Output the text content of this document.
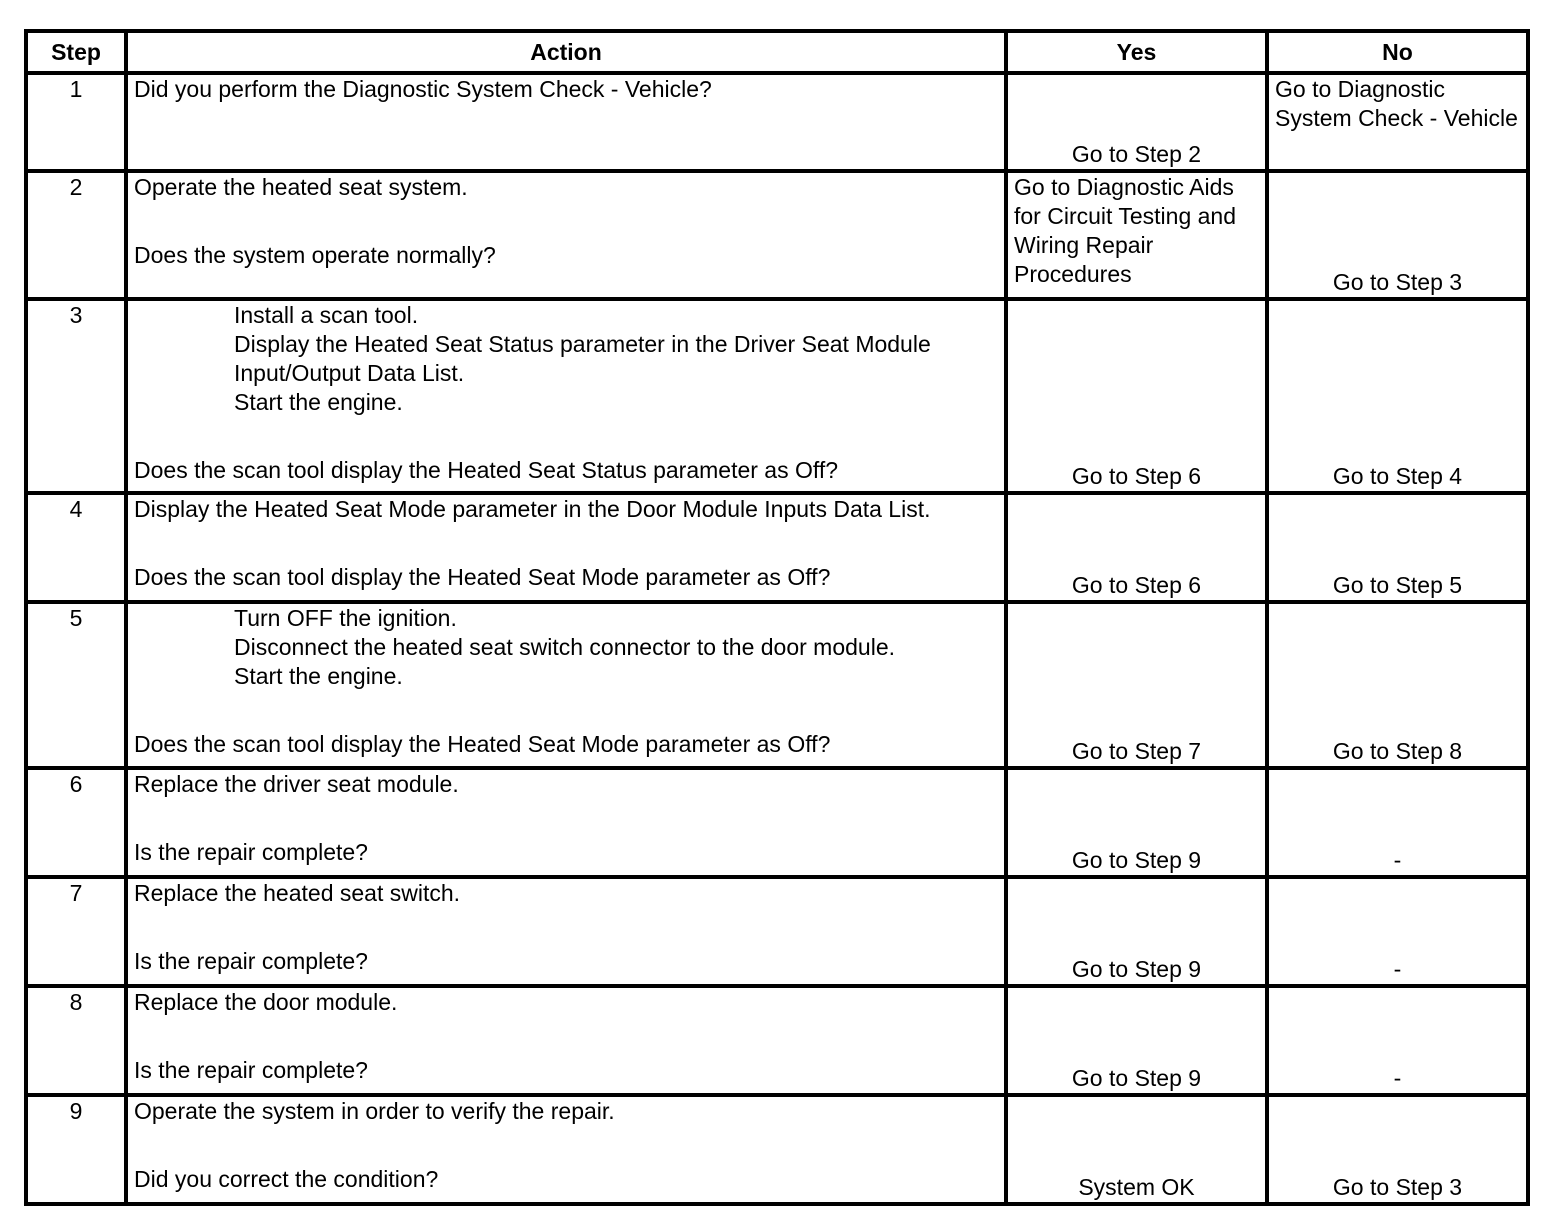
Step	Action	Yes	No
1	Did you perform the Diagnostic System Check - Vehicle?	Go to Step 2	Go to Diagnostic System Check - Vehicle

2	Operate the heated seat system.
Does the system operate normally?	Go to Diagnostic Aids for Circuit Testing and Wiring Repair Procedures	Go to Step 3

3	Install a scan tool.
Display the Heated Seat Status parameter in the Driver Seat Module Input/Output Data List.
Start the engine.
Does the scan tool display the Heated Seat Status parameter as Off?	Go to Step 6	Go to Step 4

4	Display the Heated Seat Mode parameter in the Door Module Inputs Data List.
Does the scan tool display the Heated Seat Mode parameter as Off?	Go to Step 6	Go to Step 5

5	Turn OFF the ignition.
Disconnect the heated seat switch connector to the door module.
Start the engine.
Does the scan tool display the Heated Seat Mode parameter as Off?	Go to Step 7	Go to Step 8

6	Replace the driver seat module.
Is the repair complete?	Go to Step 9	-

7	Replace the heated seat switch.
Is the repair complete?	Go to Step 9	-

8	Replace the door module.
Is the repair complete?	Go to Step 9	-

9	Operate the system in order to verify the repair.
Did you correct the condition?	System OK	Go to Step 3
